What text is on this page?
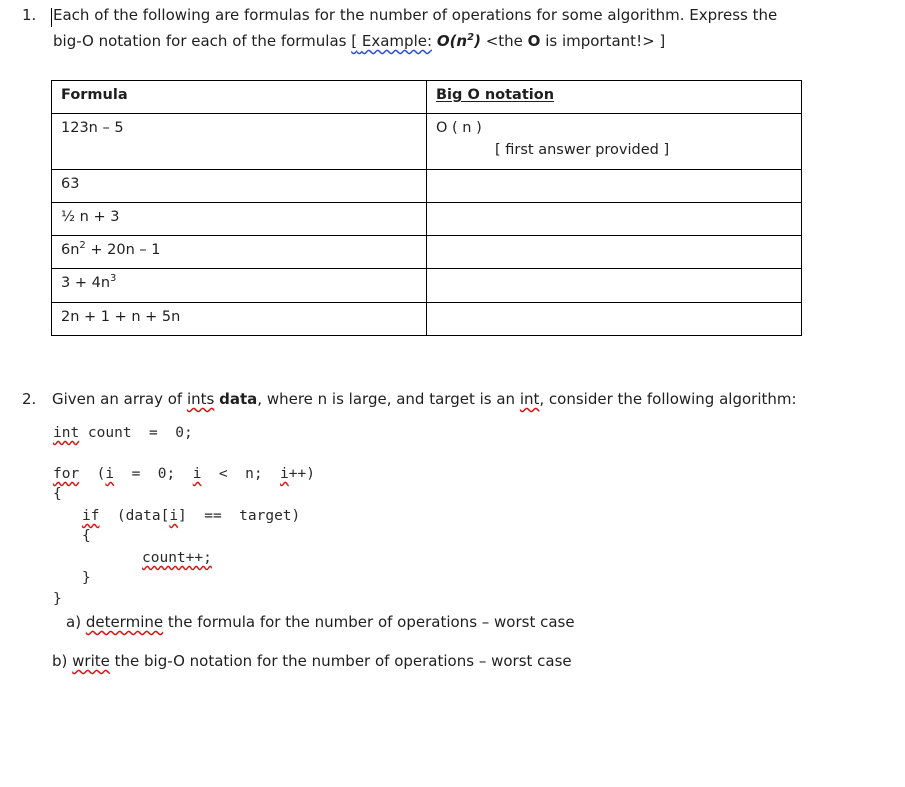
1. Each of the following are formulas for the number of operations for some algorithm. Express the
big-O notation for each of the formulas [ Example: $O(n^2) <the$ O is important!> ]
Formula	Big O notation
123n – 5	O ( n )
[ first answer provided ]

63	
½ n + 3	
$6n^2 + 20n - 1$	
$3 + 4n^3$	
2n + 1 + n + 5n	
2. Given an array of ints data, where n is large, and target is an int, consider the following algorithm:
int count  =  0;
for  (i  =  0;  i  <  n;  i++)
{
if  (data[i]  ==  target)
{
count++;
}
}
a) determine the formula for the number of operations – worst case
b) write the big-O notation for the number of operations – worst case
